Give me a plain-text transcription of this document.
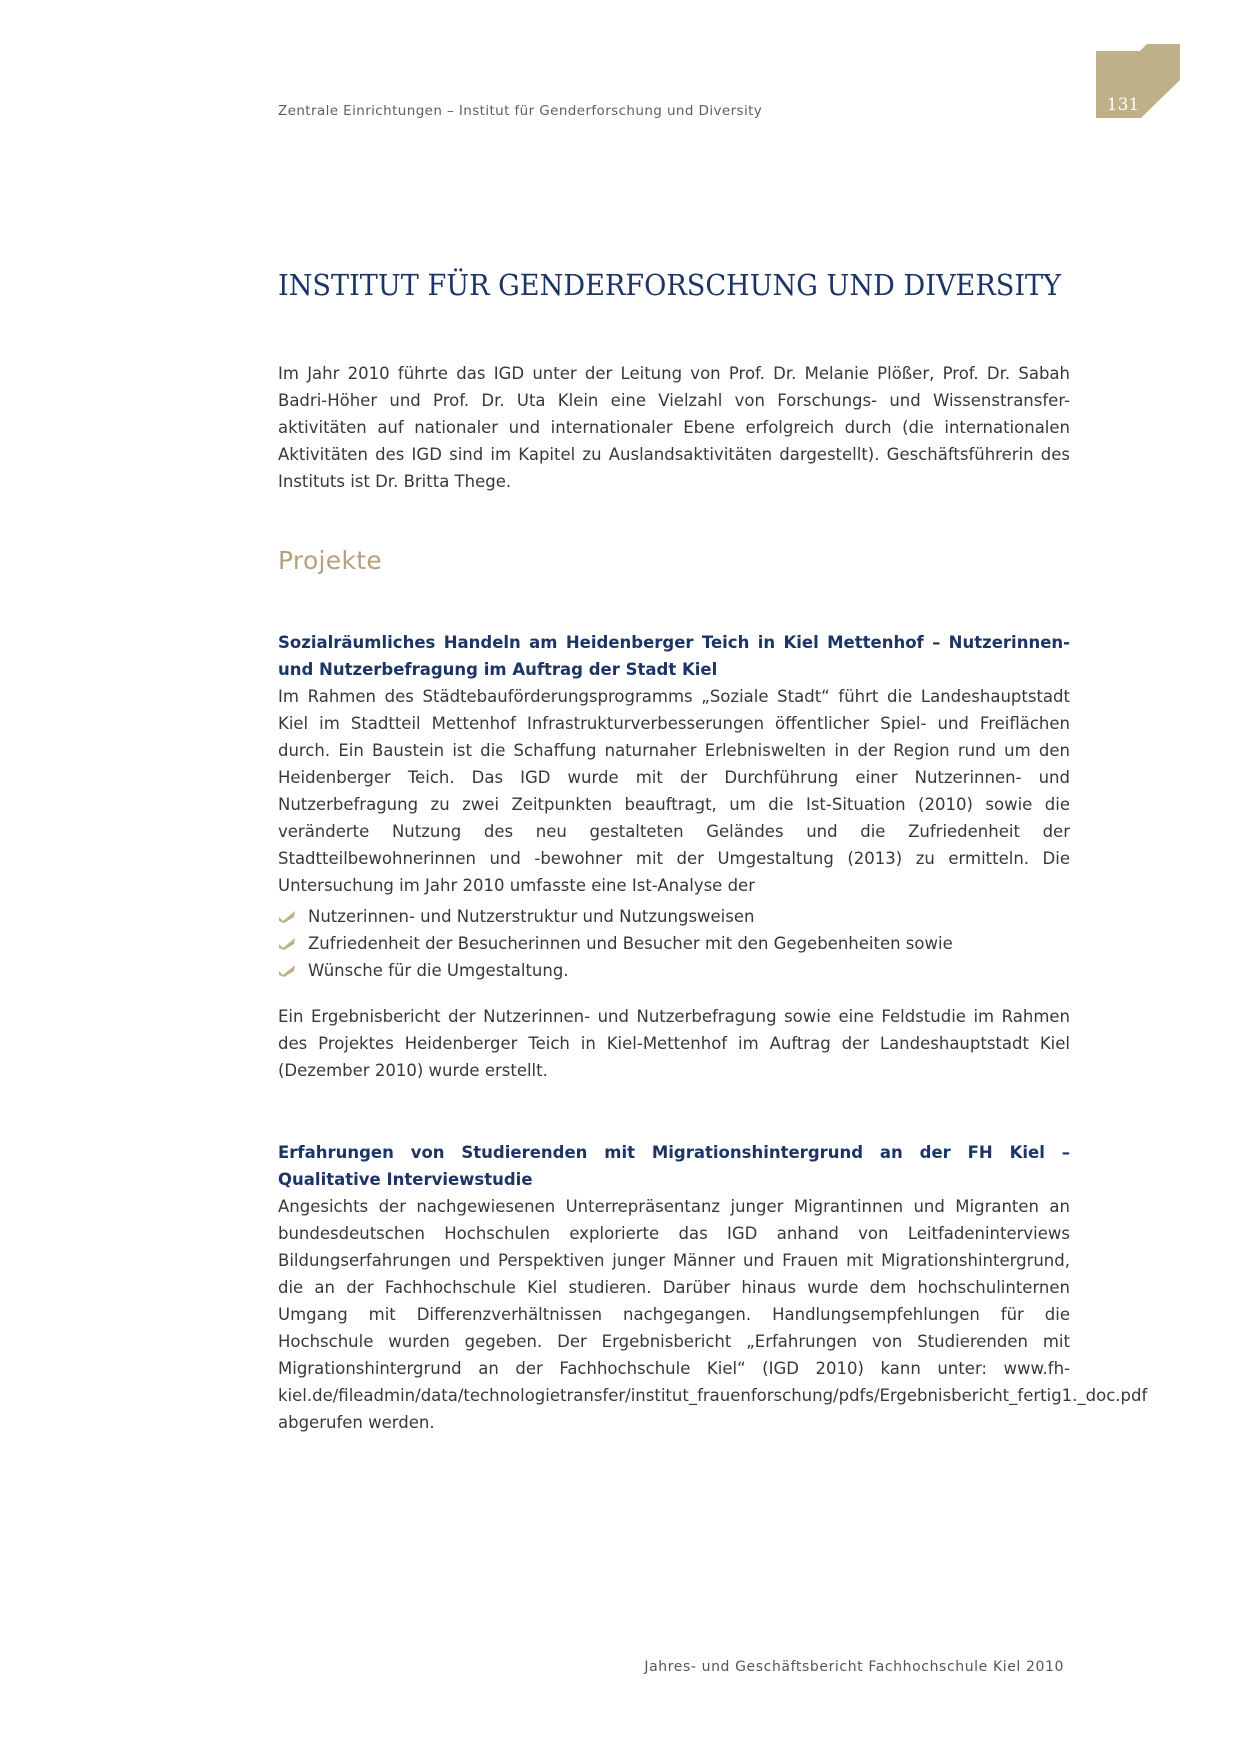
Zentrale Einrichtungen – Institut für Genderforschung und Diversity	131
INSTITUT FÜR GENDERFORSCHUNG UND DIVERSITY

Im Jahr 2010 führte das IGD unter der Leitung von Prof. Dr. Melanie Plößer, Prof. Dr. Sabah Badri-Höher und Prof. Dr. Uta Klein eine Vielzahl von Forschungs- und Wissenstransfer-aktivitäten auf nationaler und internationaler Ebene erfolgreich durch (die internationalen Aktivitäten des IGD sind im Kapitel zu Auslandsaktivitäten dargestellt). Geschäftsführerin des Instituts ist Dr. Britta Thege.

Projekte
Sozialräumliches Handeln am Heidenberger Teich in Kiel Mettenhof – Nutzerinnen- und Nutzerbefragung im Auftrag der Stadt Kiel

Im Rahmen des Städtebauförderungsprogramms „Soziale Stadt“ führt die Landeshauptstadt Kiel im Stadtteil Mettenhof Infrastrukturverbesserungen öffentlicher Spiel- und Freiflächen durch. Ein Baustein ist die Schaffung naturnaher Erlebniswelten in der Region rund um den Heidenberger Teich. Das IGD wurde mit der Durchführung einer Nutzerinnen- und Nutzerbefragung zu zwei Zeitpunkten beauftragt, um die Ist-Situation (2010) sowie die veränderte Nutzung des neu gestalteten Geländes und die Zufriedenheit der Stadtteilbewohnerinnen und -bewohner mit der Umgestaltung (2013) zu ermitteln. Die Untersuchung im Jahr 2010 umfasste eine Ist-Analyse der

Nutzerinnen- und Nutzerstruktur und Nutzungsweisen
Zufriedenheit der Besucherinnen und Besucher mit den Gegebenheiten sowie
Wünsche für die Umgestaltung.

Ein Ergebnisbericht der Nutzerinnen- und Nutzerbefragung sowie eine Feldstudie im Rahmen des Projektes Heidenberger Teich in Kiel-Mettenhof im Auftrag der Landeshauptstadt Kiel (Dezember 2010) wurde erstellt.

Erfahrungen von Studierenden mit Migrationshintergrund an der FH Kiel – Qualitative Interviewstudie

Angesichts der nachgewiesenen Unterrepräsentanz junger Migrantinnen und Migranten an bundesdeutschen Hochschulen explorierte das IGD anhand von Leitfadeninterviews Bildungserfahrungen und Perspektiven junger Männer und Frauen mit Migrationshintergrund, die an der Fachhochschule Kiel studieren. Darüber hinaus wurde dem hochschulinternen Umgang mit Differenzverhältnissen nachgegangen. Handlungsempfehlungen für die Hochschule wurden gegeben. Der Ergebnisbericht „Erfahrungen von Studierenden mit Migrationshintergrund an der Fachhochschule Kiel“ (IGD 2010) kann unter: www.fh-kiel.de/fileadmin/data/technologietransfer/institut_frauenforschung/pdfs/Ergebnisbericht_fertig1._doc.pdf abgerufen werden.

Jahres- und Geschäftsbericht Fachhochschule Kiel 2010
